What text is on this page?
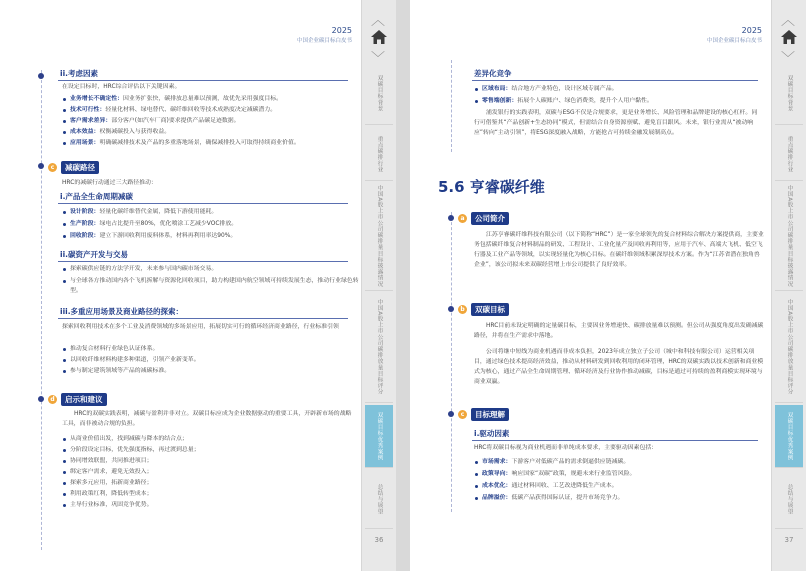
2025
中国企业碳目标白皮书
ii.考虑因素
在设定目标时，HRC综合评估以下关键因素。
业务增长不确定性：因业务扩张快，碳排放总量难以预测，故优先采用强度目标。
技术可行性：轻量化材料、绿电替代、碳纤维回收等技术成熟度决定减碳潜力。
客户需求差异：部分客户(如汽车厂商)要求提供产品碳足迹数据。
成本效益：权衡减碳投入与获得收益。
应用场景：明确碳减排技术及产品的多重落地场景，确保减排投入可取得持续商业价值。
c	减碳路径
HRC的减碳行动通过三大路径推动：
i.产品全生命周期减碳
设计阶段：轻量化碳纤维替代金属，降低下游使用能耗。
生产阶段：绿电占比提升至80%，优化喷涂工艺减少VOC排放。
回收阶段：建立下游回收利用废料体系，材料再利用率达90%。
ii.碳资产开发与交易
探索碳供应链的方法学开发，未来参与国内碳市场交易。
与全球各方推动国内各个飞机拆解与资源化回收项目，助力构建国内航空领域可持续发展生态，推动行业绿色转型。
iii.多重应用场景及商业路径的探索：
探索回收利用技术在多个工业及消费领域的多场景应用，拓展切实可行的循环经济商业路径，行业标准引领
推动复合材料行业绿色认证体系。
以回收纤维材料构建多种渠道，引领产业新变革。
参与制定建筑领域等产品的减碳标准。
d	启示和建议
HRC的双碳实践表明，减碳与盈利并非对立。双碳目标应成为企业数据驱动的重要工具，开辟新市场的战略工具，而非被动合规的负担。
从商业价值出发，找到减碳与降本的结合点；
分阶段设定目标，优先强度指标，再过渡到总量；
协同增效联盟，共同推进项目；
绑定客户需求，避免无效投入；
探索多元应用，拓新商业路径；
利用政策红利，降低转型成本；
主导行业标准，巩固竞争优势。
︿
﹀
36
双碳目标背景
重点碳排行业
中国A股上市公司碳排量目标披露情况
中国A股上市公司碳排放量目标评分
双碳目标优秀案例
总结与展望
2025
中国企业碳目标白皮书
差异化竞争
区域布局：结合地方产业特色，设计区域专属产品。
零售端创新：拓展个人碳账户、绿色消费类，提升个人用户黏性。
浦发银行的实践表明，双碳与ESG不仅是合规要求，更是业务增长、风险管理和品牌建设的核心杠杆。同行可借鉴其“产品创新+生态协同”模式，但需结合自身资源禀赋、避免盲目跟风。未来，银行业需从“被动响应”转向“主动引领”，将ESG深度融入战略，方能抢占可持续金融发展制高点。
5.6 亨睿碳纤维
a	公司简介
江苏亨睿碳纤维科技有限公司（以下简称“HRC”）是一家全球领先的复合材料综合解决方案提供商，主要业务包括碳纤维复合材料制品的研发、工程设计、工业化量产及回收再利用等，应用于汽车、高端大飞机、低空飞行器及工业产品等领域，以实现轻量化为核心目标。在碳纤维领域积累深厚技术方案。作为“江苏省潜在独角兽企业”，该公司拟未来双碳经营增上市公司提供了良好效率。
b	双碳目标
HRC目前未设定明确的定量碳目标，主要因业务增速快、碳排放量难以预测。但公司从强度角度出发确减碳路径，并将在生产需求中落地。
公司将继中短线为商业机遇而非成本负担，2023年成立独立子公司（城中和科技有限公司）运营相关项目，通过绿色技术提高经济效益，推动从材料研发到回收利用的闭环管理，HRC的双碳实践以技术创新和商业模式为核心，通过产品全生命周期管理、循环经济及行业协作推动减碳，目标是通过可持续的盈利商模实现环境与商业双赢。
c	目标理解
i.驱动因素
HRC将双碳目标视为商业机遇而非单纯成本要求，主要驱动因素包括：
市场需求：下游客户对低碳产品的需求倒逼供应链减碳。
政策导向：响应国家“双碳”政策，规避未来行业监管风险。
成本优化：通过材料回收、工艺改进降低生产成本。
品牌溢价：低碳产品获得国际认证，提升市场竞争力。
︿
﹀
37
双碳目标背景
重点碳排行业
中国A股上市公司碳排量目标披露情况
中国A股上市公司碳排放量目标评分
双碳目标优秀案例
总结与展望
